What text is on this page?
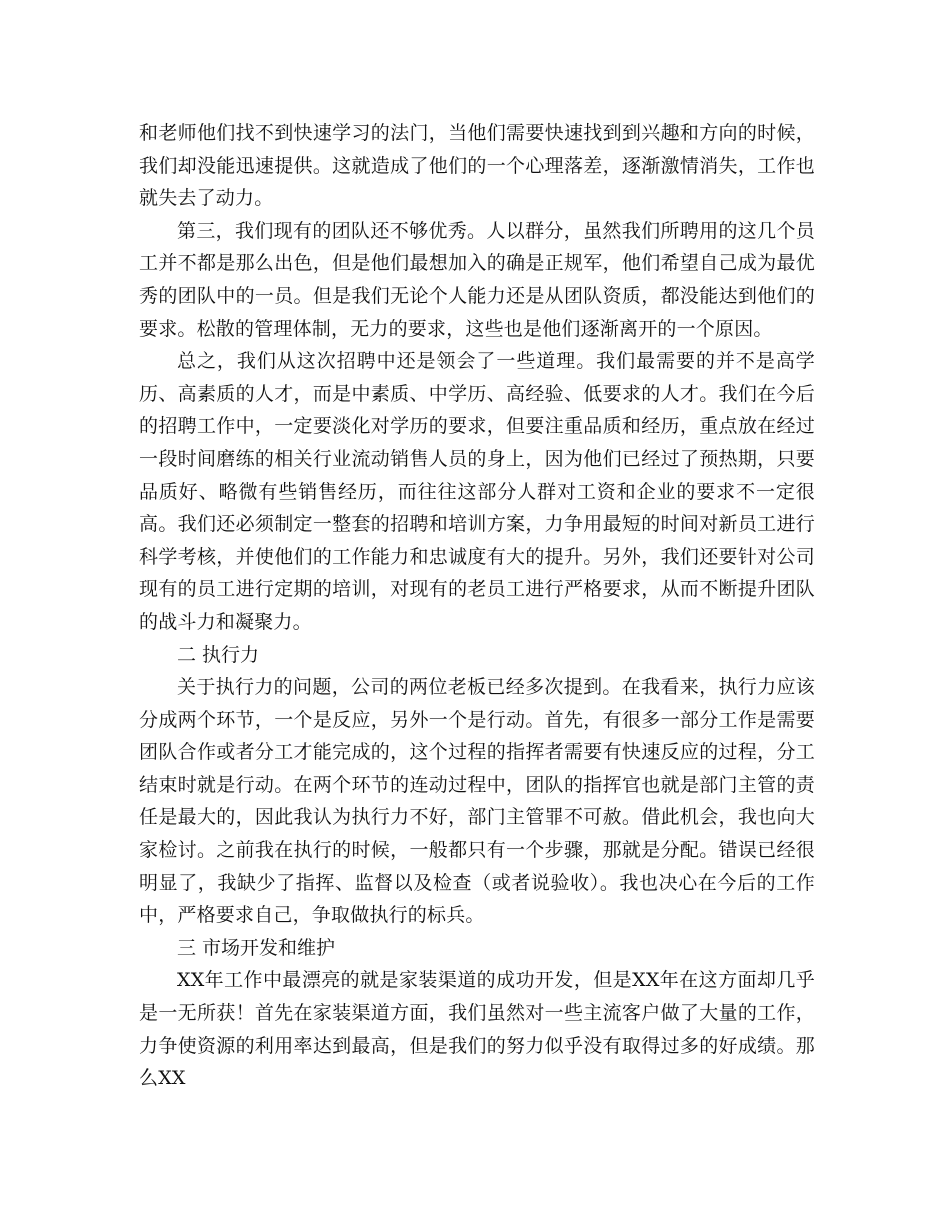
和老师他们找不到快速学习的法门，当他们需要快速找到到兴趣和方向的时候，我们却没能迅速提供。这就造成了他们的一个心理落差，逐渐激情消失，工作也就失去了动力。

第三，我们现有的团队还不够优秀。人以群分，虽然我们所聘用的这几个员工并不都是那么出色，但是他们最想加入的确是正规军，他们希望自己成为最优秀的团队中的一员。但是我们无论个人能力还是从团队资质，都没能达到他们的要求。松散的管理体制，无力的要求，这些也是他们逐渐离开的一个原因。

总之，我们从这次招聘中还是领会了一些道理。我们最需要的并不是高学历、高素质的人才，而是中素质、中学历、高经验、低要求的人才。我们在今后的招聘工作中，一定要淡化对学历的要求，但要注重品质和经历，重点放在经过一段时间磨练的相关行业流动销售人员的身上，因为他们已经过了预热期，只要品质好、略微有些销售经历，而往往这部分人群对工资和企业的要求不一定很高。我们还必须制定一整套的招聘和培训方案，力争用最短的时间对新员工进行科学考核，并使他们的工作能力和忠诚度有大的提升。另外，我们还要针对公司现有的员工进行定期的培训，对现有的老员工进行严格要求，从而不断提升团队的战斗力和凝聚力。

二 执行力

关于执行力的问题，公司的两位老板已经多次提到。在我看来，执行力应该分成两个环节，一个是反应，另外一个是行动。首先，有很多一部分工作是需要团队合作或者分工才能完成的，这个过程的指挥者需要有快速反应的过程，分工结束时就是行动。在两个环节的连动过程中，团队的指挥官也就是部门主管的责任是最大的，因此我认为执行力不好，部门主管罪不可赦。借此机会，我也向大家检讨。之前我在执行的时候，一般都只有一个步骤，那就是分配。错误已经很明显了，我缺少了指挥、监督以及检查（或者说验收）。我也决心在今后的工作中，严格要求自己，争取做执行的标兵。

三 市场开发和维护

XX年工作中最漂亮的就是家装渠道的成功开发，但是XX年在这方面却几乎是一无所获！首先在家装渠道方面，我们虽然对一些主流客户做了大量的工作，力争使资源的利用率达到最高，但是我们的努力似乎没有取得过多的好成绩。那么XX
